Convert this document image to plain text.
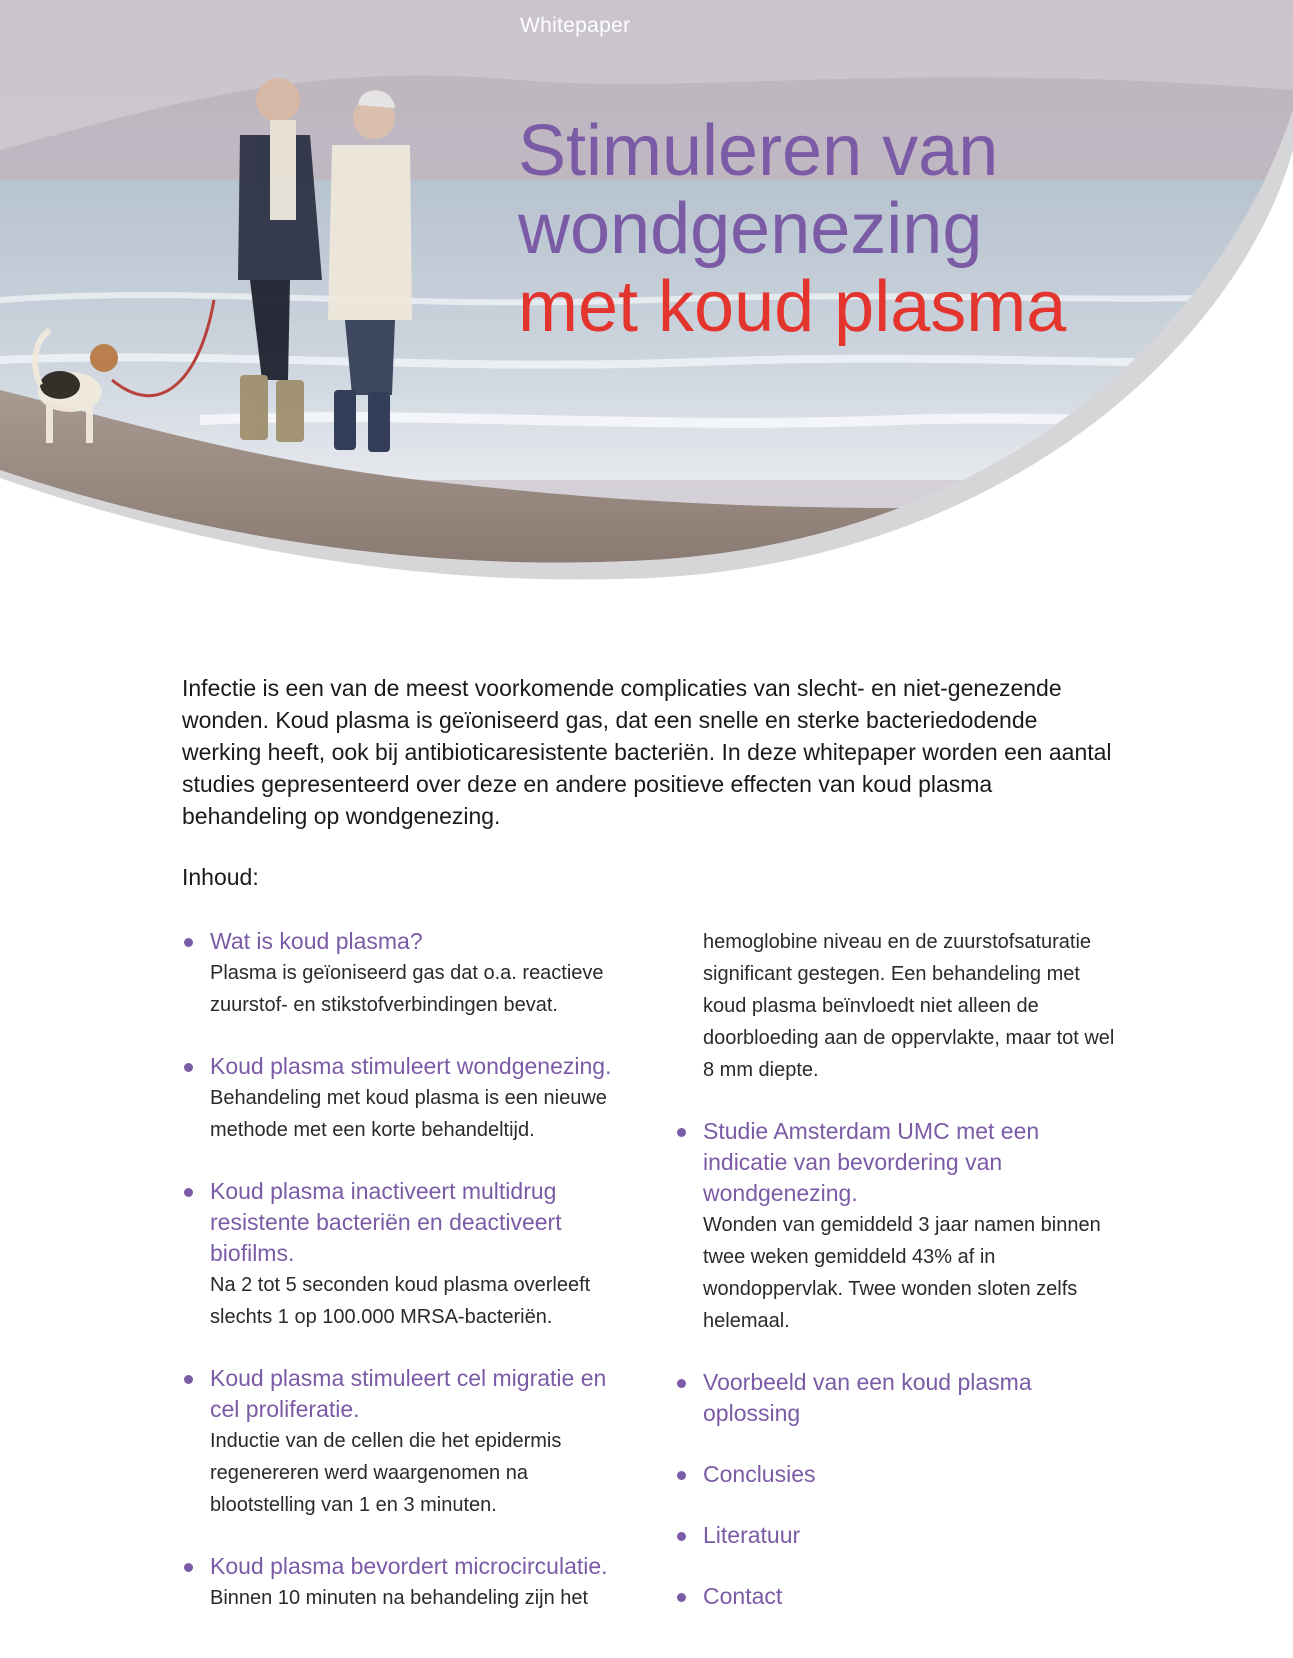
Whitepaper
Stimuleren van
wondgenezing
met koud plasma

Infectie is een van de meest voorkomende complicaties van slecht- en niet-genezende wonden. Koud plasma is geïoniseerd gas, dat een snelle en sterke bacteriedodende werking heeft, ook bij antibioticaresistente bacteriën. In deze whitepaper worden een aantal studies gepresenteerd over deze en andere positieve effecten van koud plasma behandeling op wondgenezing.

Inhoud:
Wat is koud plasma?
Plasma is geïoniseerd gas dat o.a. reactieve zuurstof- en stikstofverbindingen bevat.
Koud plasma stimuleert wondgenezing.
Behandeling met koud plasma is een nieuwe methode met een korte behandeltijd.
Koud plasma inactiveert multidrug resistente bacteriën en deactiveert biofilms.
Na 2 tot 5 seconden koud plasma overleeft slechts 1 op 100.000 MRSA-bacteriën.
Koud plasma stimuleert cel migratie en cel proliferatie.
Inductie van de cellen die het epidermis regenereren werd waargenomen na blootstelling van 1 en 3 minuten.
Koud plasma bevordert microcirculatie.
Binnen 10 minuten na behandeling zijn het
hemoglobine niveau en de zuurstofsaturatie significant gestegen. Een behandeling met koud plasma beïnvloedt niet alleen de doorbloeding aan de oppervlakte, maar tot wel 8 mm diepte.
Studie Amsterdam UMC met een indicatie van bevordering van wondgenezing.
Wonden van gemiddeld 3 jaar namen binnen twee weken gemiddeld 43% af in wondoppervlak. Twee wonden sloten zelfs helemaal.
Voorbeeld van een koud plasma oplossing
Conclusies
Literatuur
Contact
